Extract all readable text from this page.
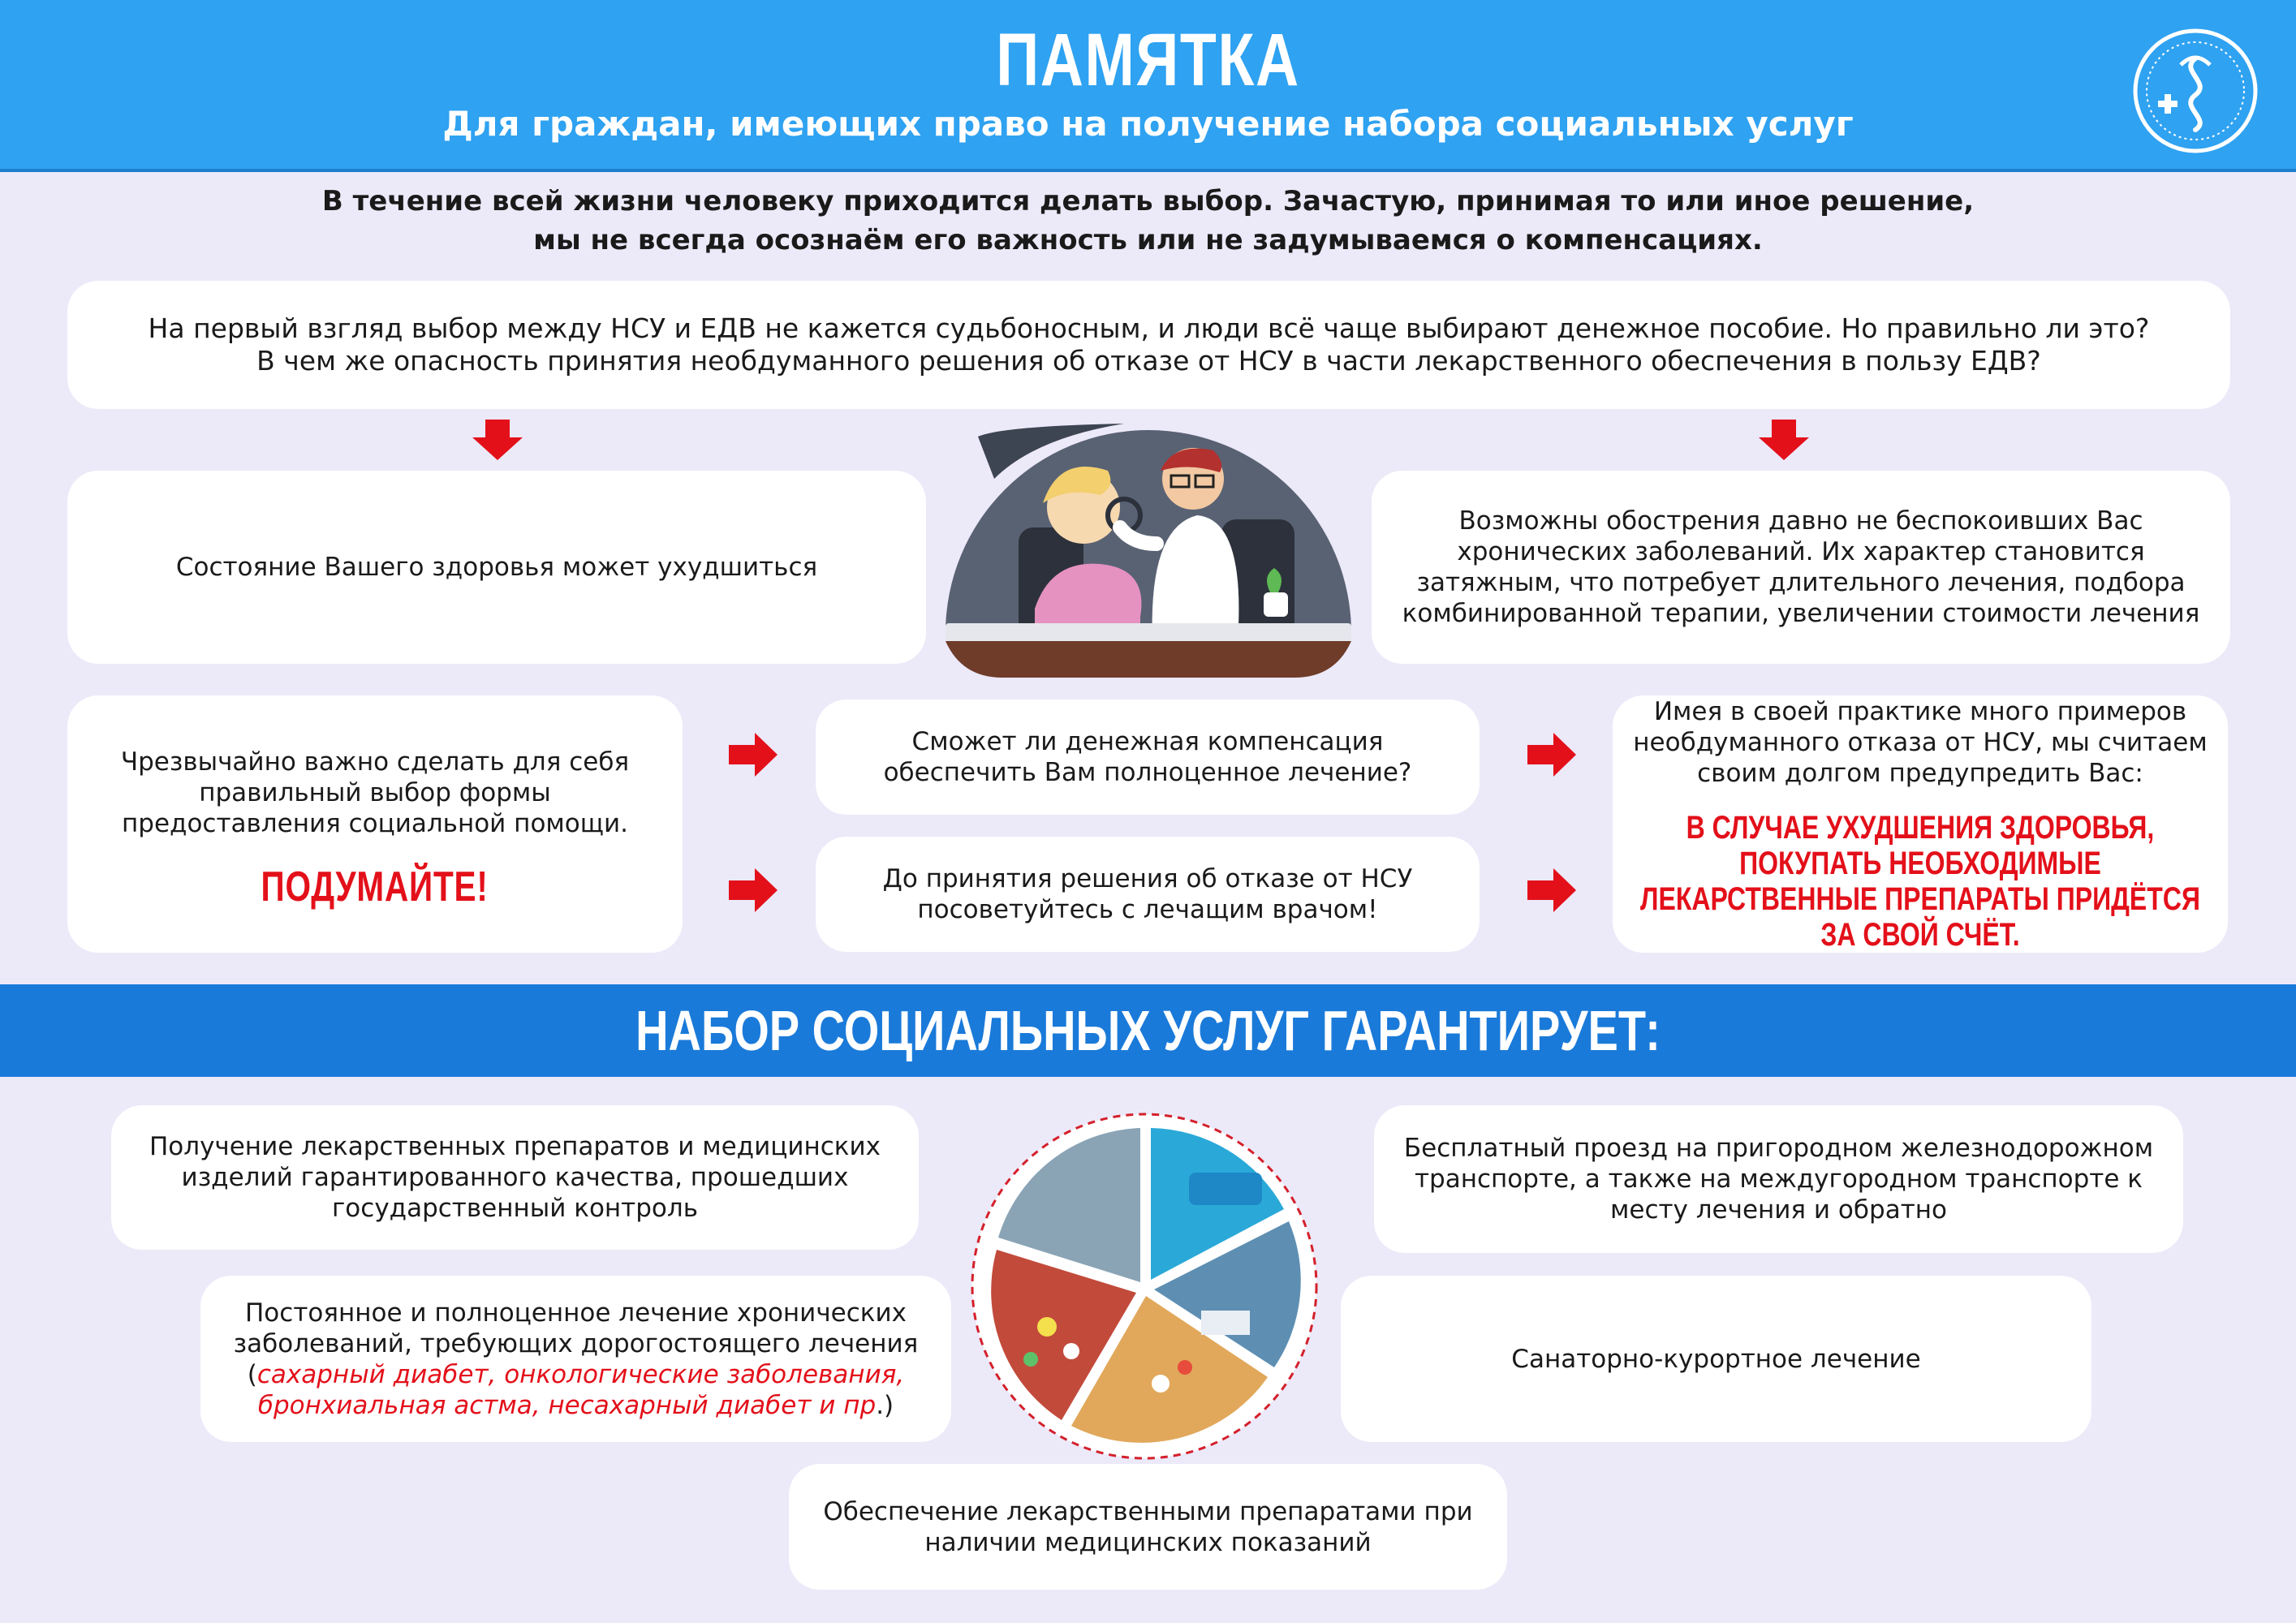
ПАМЯТКА
Для граждан, имеющих право на получение набора социальных услуг
В течение всей жизни человеку приходится делать выбор. Зачастую, принимая то или иное решение,
мы не всегда осознаём его важность или не задумываемся о компенсациях.
На первый взгляд выбор между НСУ и ЕДВ не кажется судьбоносным, и люди всё чаще выбирают денежное пособие. Но правильно ли это?
В чем же опасность принятия необдуманного решения об отказе от НСУ в части лекарственного обеспечения в пользу ЕДВ?
Состояние Вашего здоровья может ухудшиться
Возможны обострения давно не беспокоивших Вас хронических заболеваний. Их характер становится затяжным, что потребует длительного лечения, подбора комбинированной терапии, увеличении стоимости лечения
Чрезвычайно важно сделать для себя правильный выбор формы предоставления социальной помощи.
ПОДУМАЙТЕ!
Сможет ли денежная компенсация обеспечить Вам полноценное лечение?
До принятия решения об отказе от НСУ посоветуйтесь с лечащим врачом!
Имея в своей практике много примеров необдуманного отказа от НСУ, мы считаем своим долгом предупредить Вас:
В СЛУЧАЕ УХУДШЕНИЯ ЗДОРОВЬЯ, ПОКУПАТЬ НЕОБХОДИМЫЕ ЛЕКАРСТВЕННЫЕ ПРЕПАРАТЫ ПРИДЁТСЯ ЗА СВОЙ СЧЁТ.
НАБОР СОЦИАЛЬНЫХ УСЛУГ ГАРАНТИРУЕТ:
Получение лекарственных препаратов и медицинских изделий гарантированного качества, прошедших государственный контроль
Постоянное и полноценное лечение хронических заболеваний, требующих дорогостоящего лечения
(сахарный диабет, онкологические заболевания, бронхиальная астма, несахарный диабет и пр.)
Бесплатный проезд на пригородном железнодорожном транспорте, а также на междугородном транспорте к месту лечения и обратно
Санаторно-курортное лечение
Обеспечение лекарственными препаратами при наличии медицинских показаний
